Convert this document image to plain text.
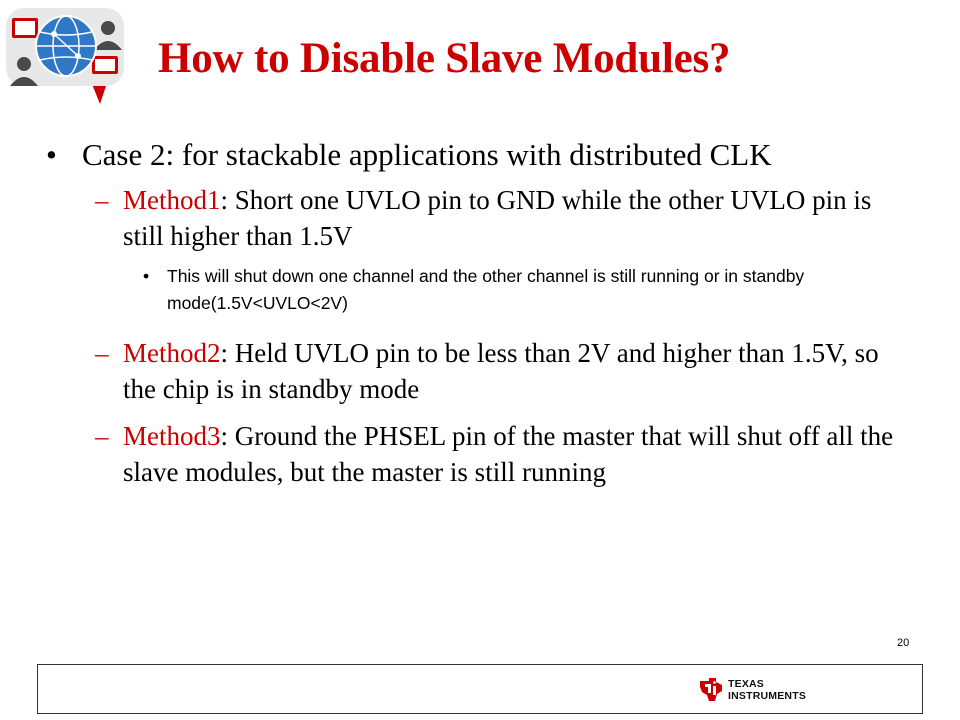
How to Disable Slave Modules?
• Case 2: for stackable applications with distributed CLK
– Method1: Short one UVLO pin to GND while the other UVLO pin is still higher than 1.5V
• This will shut down one channel and the other channel is still running or in standby mode(1.5V<UVLO<2V)
– Method2: Held UVLO pin to be less than 2V and higher than 1.5V, so the chip is in standby mode
– Method3: Ground the PHSEL pin of the master that will shut off all the slave modules, but the master is still running
20
TEXAS
INSTRUMENTS
